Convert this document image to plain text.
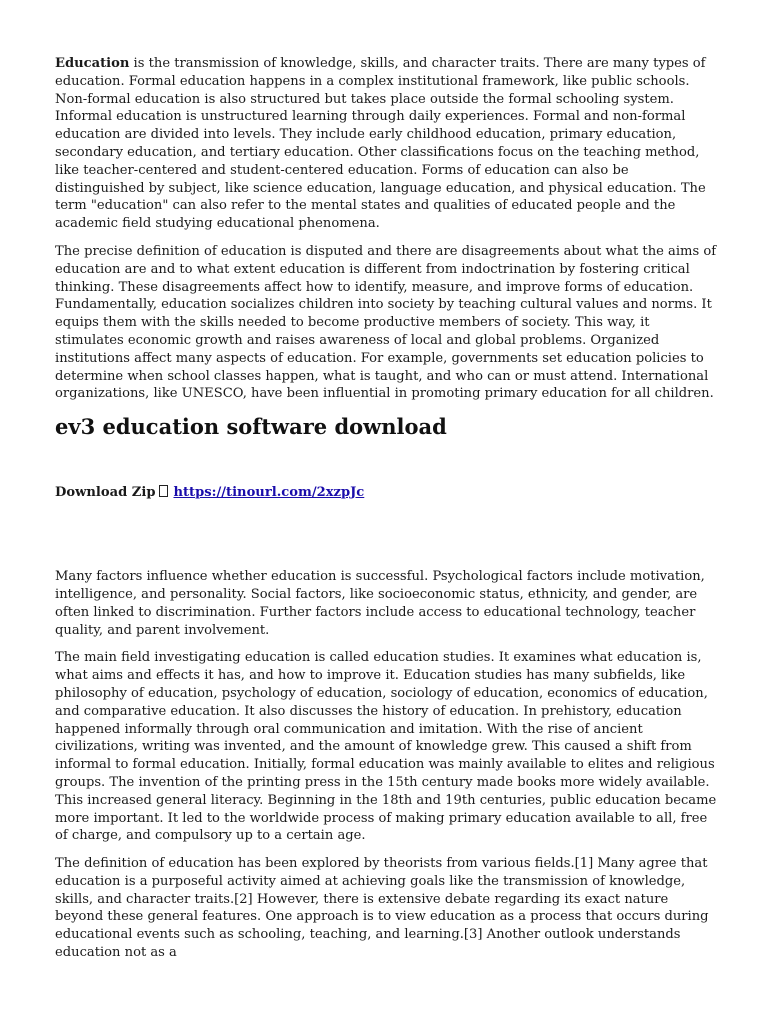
Education is the transmission of knowledge, skills, and character traits. There are many types of education. Formal education happens in a complex institutional framework, like public schools. Non-formal education is also structured but takes place outside the formal schooling system. Informal education is unstructured learning through daily experiences. Formal and non-formal education are divided into levels. They include early childhood education, primary education, secondary education, and tertiary education. Other classifications focus on the teaching method, like teacher-centered and student-centered education. Forms of education can also be distinguished by subject, like science education, language education, and physical education. The term "education" can also refer to the mental states and qualities of educated people and the academic field studying educational phenomena.

The precise definition of education is disputed and there are disagreements about what the aims of education are and to what extent education is different from indoctrination by fostering critical thinking. These disagreements affect how to identify, measure, and improve forms of education. Fundamentally, education socializes children into society by teaching cultural values and norms. It equips them with the skills needed to become productive members of society. This way, it stimulates economic growth and raises awareness of local and global problems. Organized institutions affect many aspects of education. For example, governments set education policies to determine when school classes happen, what is taught, and who can or must attend. International organizations, like UNESCO, have been influential in promoting primary education for all children.

ev3 education software download
Download Zip https://tinourl.com/2xzpJc

Many factors influence whether education is successful. Psychological factors include motivation, intelligence, and personality. Social factors, like socioeconomic status, ethnicity, and gender, are often linked to discrimination. Further factors include access to educational technology, teacher quality, and parent involvement.

The main field investigating education is called education studies. It examines what education is, what aims and effects it has, and how to improve it. Education studies has many subfields, like philosophy of education, psychology of education, sociology of education, economics of education, and comparative education. It also discusses the history of education. In prehistory, education happened informally through oral communication and imitation. With the rise of ancient civilizations, writing was invented, and the amount of knowledge grew. This caused a shift from informal to formal education. Initially, formal education was mainly available to elites and religious groups. The invention of the printing press in the 15th century made books more widely available. This increased general literacy. Beginning in the 18th and 19th centuries, public education became more important. It led to the worldwide process of making primary education available to all, free of charge, and compulsory up to a certain age.

The definition of education has been explored by theorists from various fields.[1] Many agree that education is a purposeful activity aimed at achieving goals like the transmission of knowledge, skills, and character traits.[2] However, there is extensive debate regarding its exact nature beyond these general features. One approach is to view education as a process that occurs during educational events such as schooling, teaching, and learning.[3] Another outlook understands education not as a
